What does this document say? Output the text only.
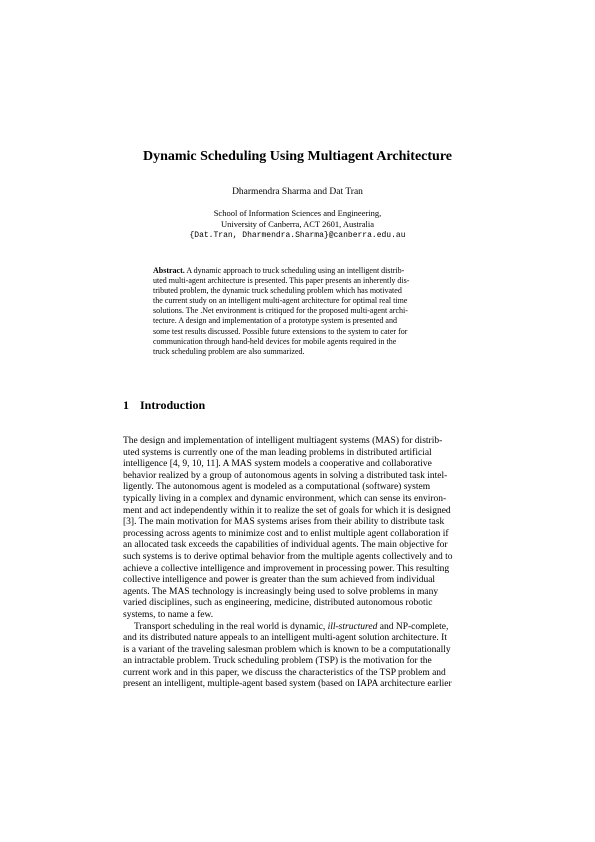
Dynamic Scheduling Using Multiagent Architecture
Dharmendra Sharma and Dat Tran
School of Information Sciences and Engineering,
University of Canberra, ACT 2601, Australia
{Dat.Tran, Dharmendra.Sharma}@canberra.edu.au
Abstract. A dynamic approach to truck scheduling using an intelligent distrib-
uted multi-agent architecture is presented. This paper presents an inherently dis-
tributed problem, the dynamic truck scheduling problem which has motivated
the current study on an intelligent multi-agent architecture for optimal real time
solutions. The .Net environment is critiqued for the proposed multi-agent archi-
tecture. A design and implementation of a prototype system is presented and
some test results discussed. Possible future extensions to the system to cater for
communication through hand-held devices for mobile agents required in the
truck scheduling problem are also summarized.
1 Introduction
The design and implementation of intelligent multiagent systems (MAS) for distrib-
uted systems is currently one of the man leading problems in distributed artificial
intelligence [4, 9, 10, 11]. A MAS system models a cooperative and collaborative
behavior realized by a group of autonomous agents in solving a distributed task intel-
ligently. The autonomous agent is modeled as a computational (software) system
typically living in a complex and dynamic environment, which can sense its environ-
ment and act independently within it to realize the set of goals for which it is designed
[3]. The main motivation for MAS systems arises from their ability to distribute task
processing across agents to minimize cost and to enlist multiple agent collaboration if
an allocated task exceeds the capabilities of individual agents. The main objective for
such systems is to derive optimal behavior from the multiple agents collectively and to
achieve a collective intelligence and improvement in processing power. This resulting
collective intelligence and power is greater than the sum achieved from individual
agents. The MAS technology is increasingly being used to solve problems in many
varied disciplines, such as engineering, medicine, distributed autonomous robotic
systems, to name a few.
Transport scheduling in the real world is dynamic, ill-structured and NP-complete,
and its distributed nature appeals to an intelligent multi-agent solution architecture. It
is a variant of the traveling salesman problem which is known to be a computationally
an intractable problem. Truck scheduling problem (TSP) is the motivation for the
current work and in this paper, we discuss the characteristics of the TSP problem and
present an intelligent, multiple-agent based system (based on IAPA architecture earlier
